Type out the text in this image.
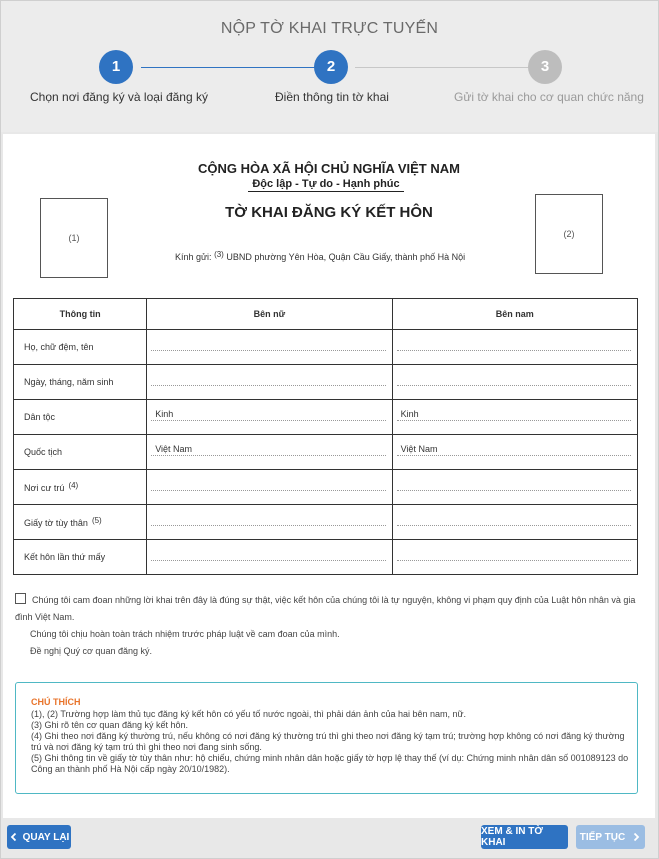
NỘP TỜ KHAI TRỰC TUYẾN
1	2	3
Chọn nơi đăng ký và loại đăng ký	Điền thông tin tờ khai	Gửi tờ khai cho cơ quan chức năng
(1)	(2)
CỘNG HÒA XÃ HỘI CHỦ NGHĨA VIỆT NAM
Độc lập - Tự do - Hạnh phúc
TỜ KHAI ĐĂNG KÝ KẾT HÔN
Kính gửi: $^{(3)}$ UBND phường Yên Hòa, Quận Cầu Giấy, thành phố Hà Nội
Thông tin	Bên nữ	Bên nam
Họ, chữ đệm, tên	

Ngày, tháng, năm sinh	

Dân tộc	Kinh	Kinh

Quốc tịch	Việt Nam	Việt Nam

Nơi cư trú $^{(4)}$	

Giấy tờ tùy thân $^{(5)}$	

Kết hôn lần thứ mấy	

Chúng tôi cam đoan những lời khai trên đây là đúng sự thật, việc kết hôn của chúng tôi là tự nguyện, không vi phạm quy định của Luật hôn nhân và gia đình Việt Nam.

Chúng tôi chịu hoàn toàn trách nhiệm trước pháp luật về cam đoan của mình.

Đề nghị Quý cơ quan đăng ký.

CHÚ THÍCH

(1), (2) Trường hợp làm thủ tục đăng ký kết hôn có yếu tố nước ngoài, thì phải dán ảnh của hai bên nam, nữ.

(3) Ghi rõ tên cơ quan đăng ký kết hôn.

(4) Ghi theo nơi đăng ký thường trú, nếu không có nơi đăng ký thường trú thì ghi theo nơi đăng ký tạm trú; trường hợp không có nơi đăng ký thường trú và nơi đăng ký tạm trú thì ghi theo nơi đang sinh sống.

(5) Ghi thông tin về giấy tờ tùy thân như: hộ chiếu, chứng minh nhân dân hoặc giấy tờ hợp lệ thay thế (ví dụ: Chứng minh nhân dân số 001089123 do Công an thành phố Hà Nội cấp ngày 20/10/1982).

QUAY LẠI	XEM & IN TỜ KHAI	TIẾP TỤC
